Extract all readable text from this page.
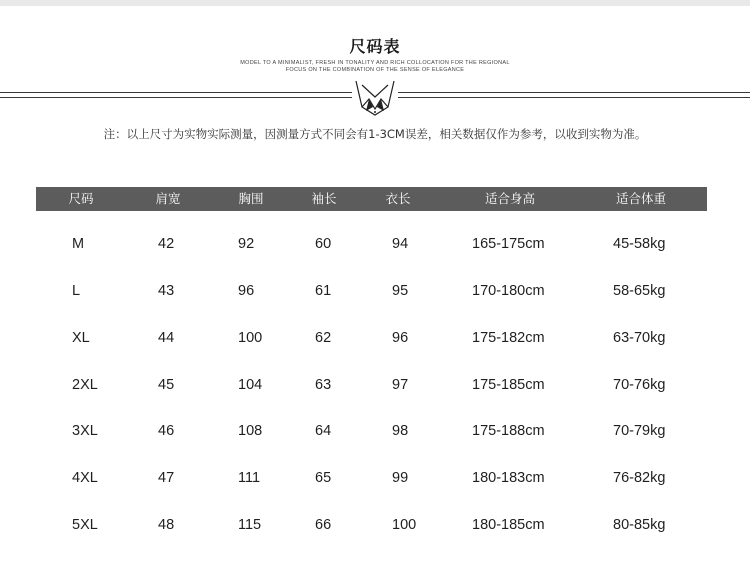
尺码表
MODEL TO A MINIMALIST, FRESH IN TONALITY AND RICH COLLOCATION FOR THE REGIONAL
FOCUS ON THE COMBINATION OF THE SENSE OF ELEGANCE
注：以上尺寸为实物实际测量，因测量方式不同会有1-3CM误差，相关数据仅作为参考，以收到实物为准。
尺码	肩宽	胸围	袖长	衣长	适合身高	适合体重
M	42	92	60	94	165-175cm	45-58kg
L	43	96	61	95	170-180cm	58-65kg
XL	44	100	62	96	175-182cm	63-70kg
2XL	45	104	63	97	175-185cm	70-76kg
3XL	46	108	64	98	175-188cm	70-79kg
4XL	47	111	65	99	180-183cm	76-82kg
5XL	48	115	66	100	180-185cm	80-85kg
